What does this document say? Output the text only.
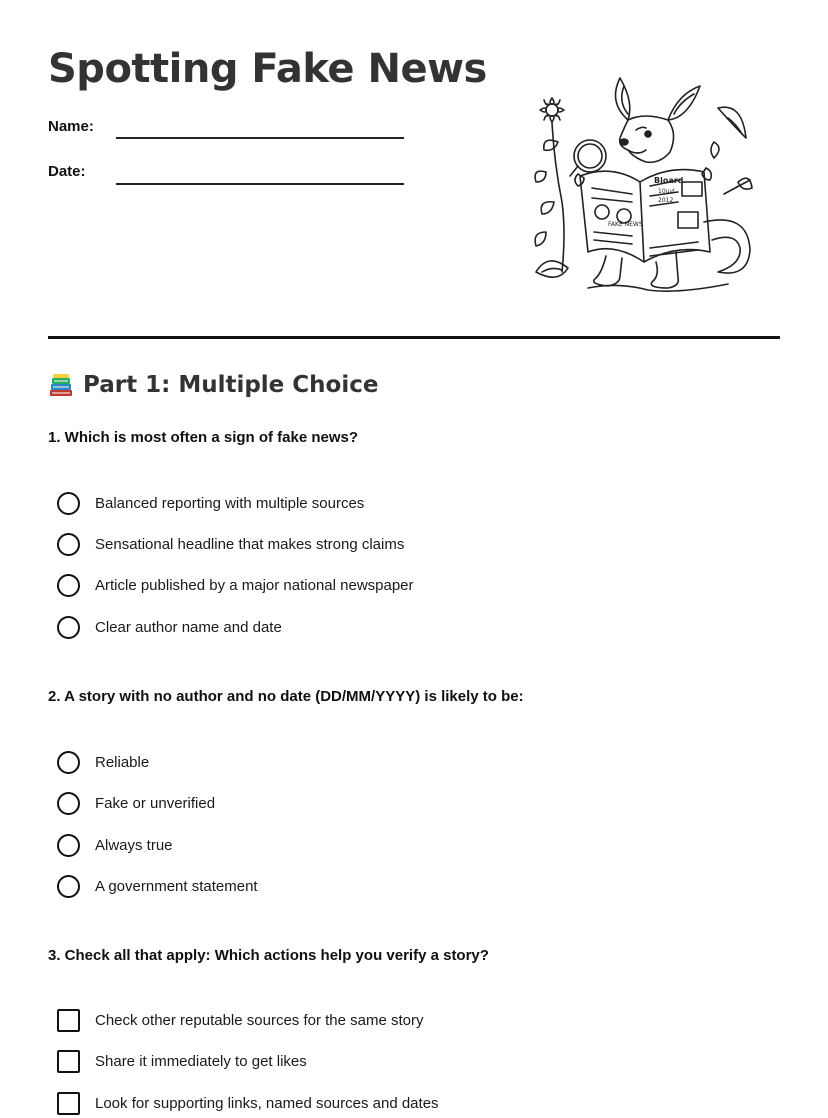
Spotting Fake News
Name:
Date:
Bloard
10uvl.
2012
FAKE NEWS
Part 1: Multiple Choice
1. Which is most often a sign of fake news?
Balanced reporting with multiple sources
Sensational headline that makes strong claims
Article published by a major national newspaper
Clear author name and date
2. A story with no author and no date (DD/MM/YYYY) is likely to be:
Reliable
Fake or unverified
Always true
A government statement
3. Check all that apply: Which actions help you verify a story?
Check other reputable sources for the same story
Share it immediately to get likes
Look for supporting links, named sources and dates
